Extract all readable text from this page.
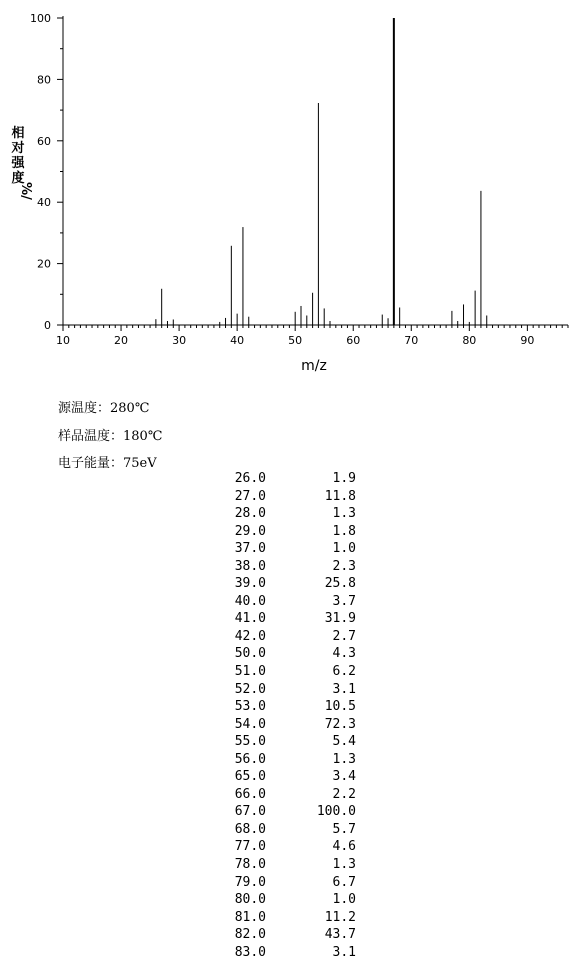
10	20	30	40	50	60	70	80	90
0
20
40
60
80
100
m/z
相
对
强
度
%/
源温度：280℃
样品温度：180℃
电子能量：75eV
26.0	1.9
27.0	11.8
28.0	1.3
29.0	1.8
37.0	1.0
38.0	2.3
39.0	25.8
40.0	3.7
41.0	31.9
42.0	2.7
50.0	4.3
51.0	6.2
52.0	3.1
53.0	10.5
54.0	72.3
55.0	5.4
56.0	1.3
65.0	3.4
66.0	2.2
67.0	100.0
68.0	5.7
77.0	4.6
78.0	1.3
79.0	6.7
80.0	1.0
81.0	11.2
82.0	43.7
83.0	3.1
